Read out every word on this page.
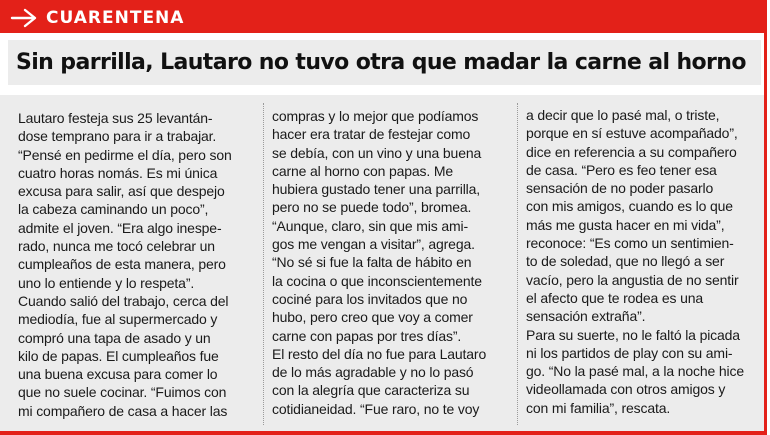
CUARENTENA
Sin parrilla, Lautaro no tuvo otra que madar la carne al horno
Lautaro festeja sus 25 levantán-
dose temprano para ir a trabajar.
“Pensé en pedirme el día, pero son
cuatro horas nomás. Es mi única
excusa para salir, así que despejo
la cabeza caminando un poco”,
admite el joven. “Era algo inespe-
rado, nunca me tocó celebrar un
cumpleaños de esta manera, pero
uno lo entiende y lo respeta”.
Cuando salió del trabajo, cerca del
mediodía, fue al supermercado y
compró una tapa de asado y un
kilo de papas. El cumpleaños fue
una buena excusa para comer lo
que no suele cocinar. “Fuimos con
mi compañero de casa a hacer las
compras y lo mejor que podíamos
hacer era tratar de festejar como
se debía, con un vino y una buena
carne al horno con papas. Me
hubiera gustado tener una parrilla,
pero no se puede todo”, bromea.
“Aunque, claro, sin que mis ami-
gos me vengan a visitar”, agrega.
“No sé si fue la falta de hábito en
la cocina o que inconscientemente
cociné para los invitados que no
hubo, pero creo que voy a comer
carne con papas por tres días”.
El resto del día no fue para Lautaro
de lo más agradable y no lo pasó
con la alegría que caracteriza su
cotidianeidad. “Fue raro, no te voy
a decir que lo pasé mal, o triste,
porque en sí estuve acompañado”,
dice en referencia a su compañero
de casa. “Pero es feo tener esa
sensación de no poder pasarlo
con mis amigos, cuando es lo que
más me gusta hacer en mi vida”,
reconoce: “Es como un sentimien-
to de soledad, que no llegó a ser
vacío, pero la angustia de no sentir
el afecto que te rodea es una
sensación extraña”.
Para su suerte, no le faltó la picada
ni los partidos de play con su ami-
go. “No la pasé mal, a la noche hice
videollamada con otros amigos y
con mi familia”, rescata.
